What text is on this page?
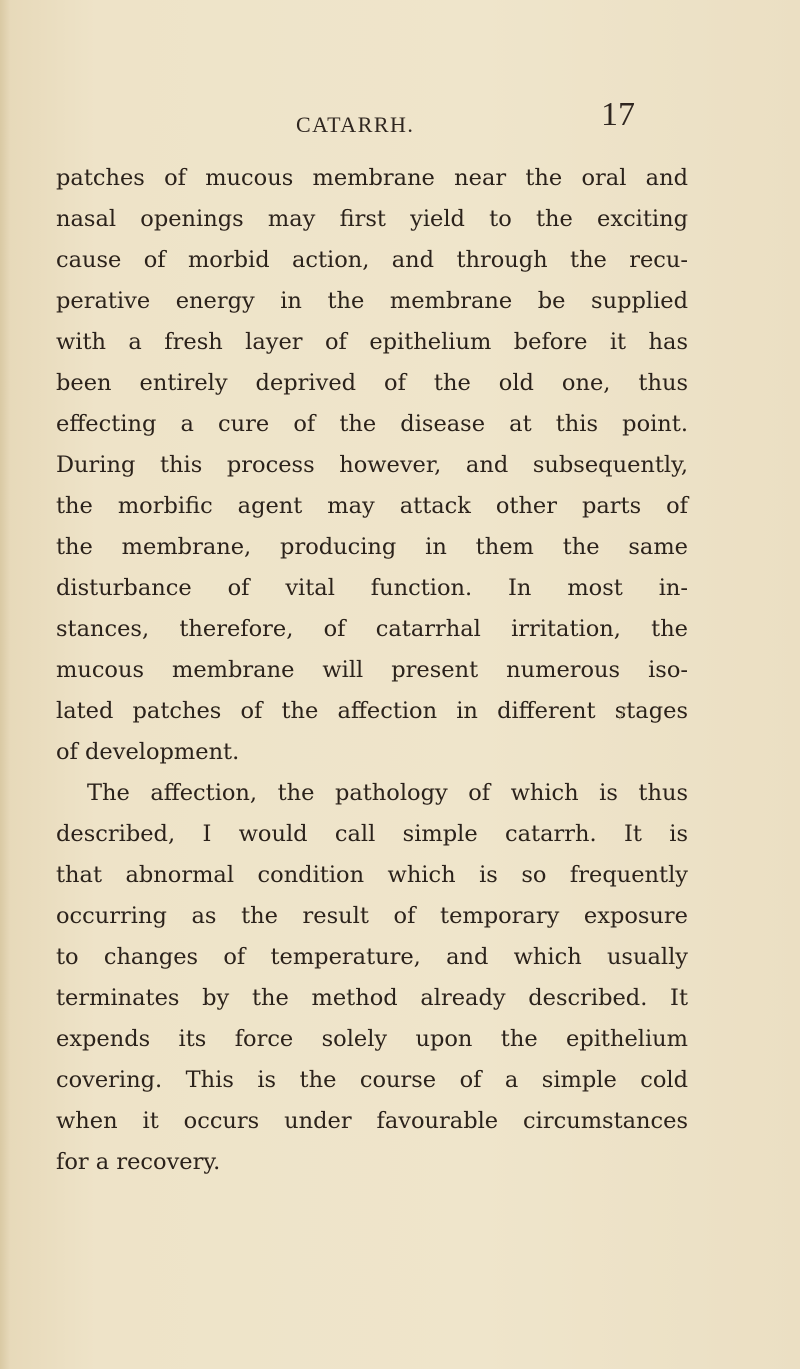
CATARRH.	17
patches of mucous membrane near the oral and
nasal openings may first yield to the exciting
cause of morbid action, and through the recu-
perative energy in the membrane be supplied
with a fresh layer of epithelium before it has
been entirely deprived of the old one, thus
effecting a cure of the disease at this point.
During this process however, and subsequently,
the morbific agent may attack other parts of
the membrane, producing in them the same
disturbance of vital function. In most in-
stances, therefore, of catarrhal irritation, the
mucous membrane will present numerous iso-
lated patches of the affection in different stages
of development.
The affection, the pathology of which is thus
described, I would call simple catarrh. It is
that abnormal condition which is so frequently
occurring as the result of temporary exposure
to changes of temperature, and which usually
terminates by the method already described. It
expends its force solely upon the epithelium
covering. This is the course of a simple cold
when it occurs under favourable circumstances
for a recovery.
